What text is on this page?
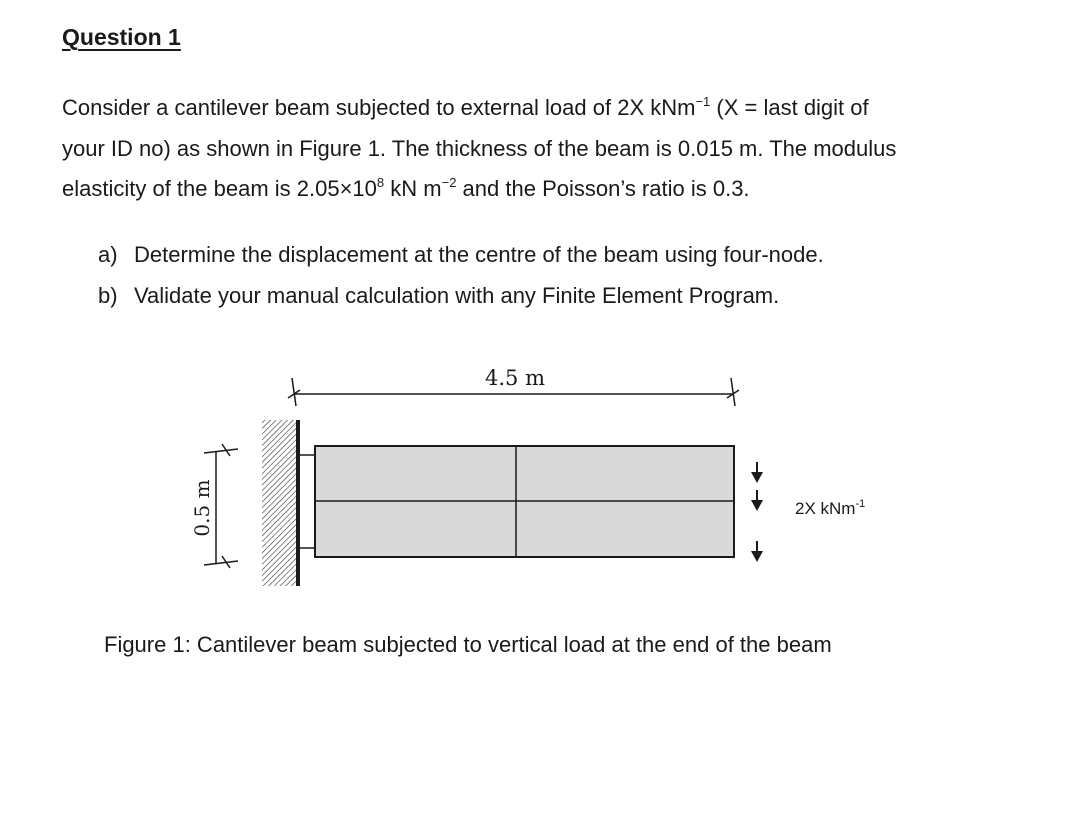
Question 1

Consider a cantilever beam subjected to external load of 2X kNm$^{-1}$ (X = last digit of
your ID no) as shown in Figure 1. The thickness of the beam is 0.015 m. The modulus
elasticity of the beam is $2.05\times 10^8$ kN $m^{-2}$ and the Poisson’s ratio is 0.3.

a) Determine the displacement at the centre of the beam using four-node.
b) Validate your manual calculation with any Finite Element Program.
4.5 m
0.5 m	2X kNm$^{-1}$

Figure 1: Cantilever beam subjected to vertical load at the end of the beam
